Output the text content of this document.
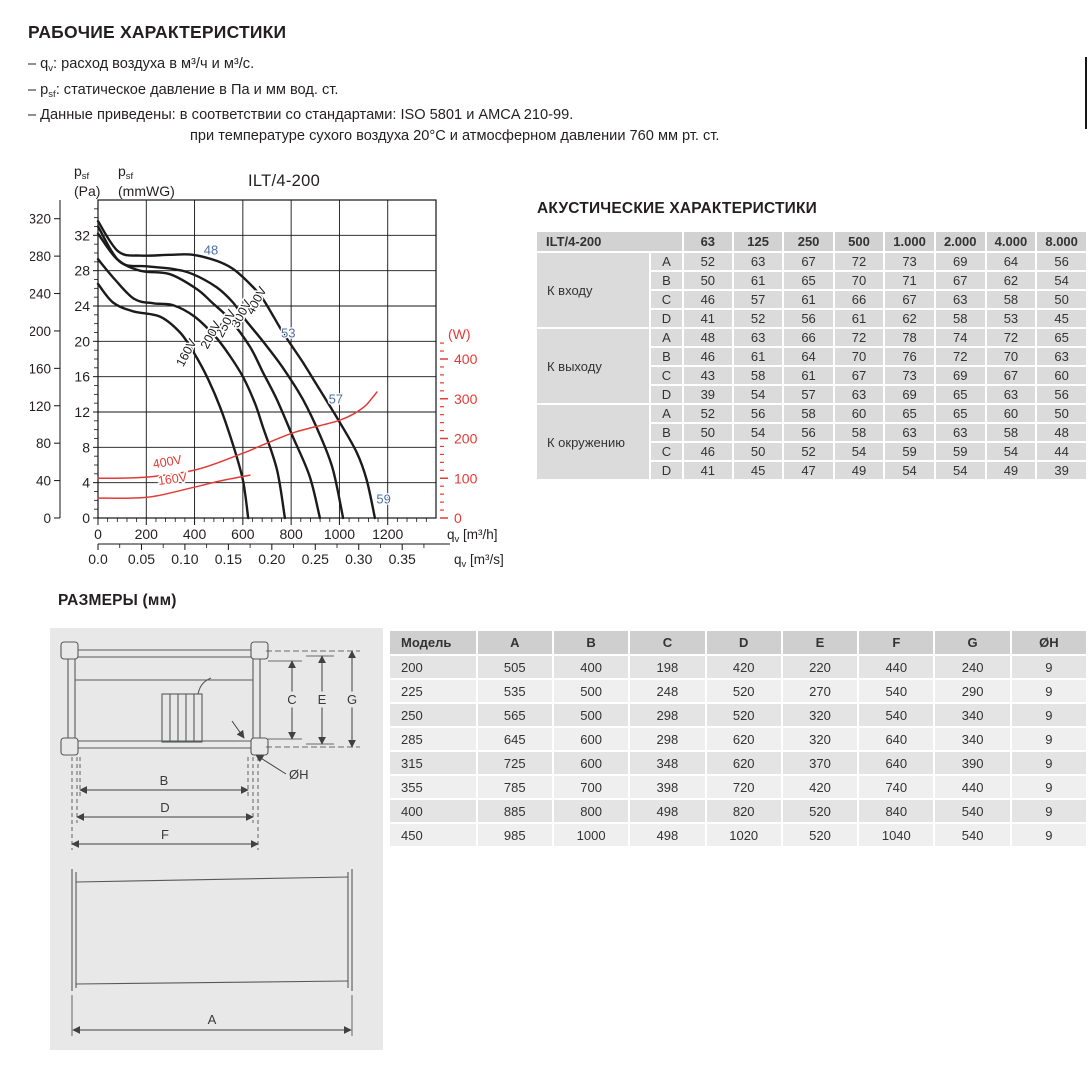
РАБОЧИЕ ХАРАКТЕРИСТИКИ
– $q_v$: расход воздуха в м³/ч и м³/с.
– $p_{sf}$: статическое давление в Па и мм вод. ст.
– Данные приведены: в соответствии со стандартами: ISO 5801 и AMCA 210-99.
при температуре сухого воздуха 20°C и атмосферном давлении 760 мм рт. ст.
$p_{sf}$
(Pa)
$p_{sf}$
(mmWG)
ILT/4-200
0
4
8
12
16
20
24
28
32
0
40
80
120
160
200
240
280
320
0
100
200
300
400
(W)
0 200 400 600 800 1000 1200	$q_v$ [m³/h]
0.0 0.05 0.10 0.15 0.20 0.25 0.30 0.35	$q_v$ [m³/s]
400V
300V
250V
200V
160V
400V
160V
48
53
57
59
АКУСТИЧЕСКИЕ ХАРАКТЕРИСТИКИ
ILT/4-200		63	125	250	500	1.000	2.000	4.000	8.000
К входу	A	52	63	67	72	73	69	64	56
	B	50	61	65	70	71	67	62	54
	C	46	57	61	66	67	63	58	50
	D	41	52	56	61	62	58	53	45
К выходу	A	48	63	66	72	78	74	72	65
	B	46	61	64	70	76	72	70	63
	C	43	58	61	67	73	69	67	60
	D	39	54	57	63	69	65	63	56
К окружению	A	52	56	58	60	65	65	60	50
	B	50	54	56	58	63	63	58	48
	C	46	50	52	54	59	59	54	44
	D	41	45	47	49	54	54	49	39
РАЗМЕРЫ (мм)
C E G
ØH
B
D
F
A
Модель	A	B	C	D	E	F	G	ØH
200	505	400	198	420	220	440	240	9
225	535	500	248	520	270	540	290	9
250	565	500	298	520	320	540	340	9
285	645	600	298	620	320	640	340	9
315	725	600	348	620	370	640	390	9
355	785	700	398	720	420	740	440	9
400	885	800	498	820	520	840	540	9
450	985	1000	498	1020	520	1040	540	9
